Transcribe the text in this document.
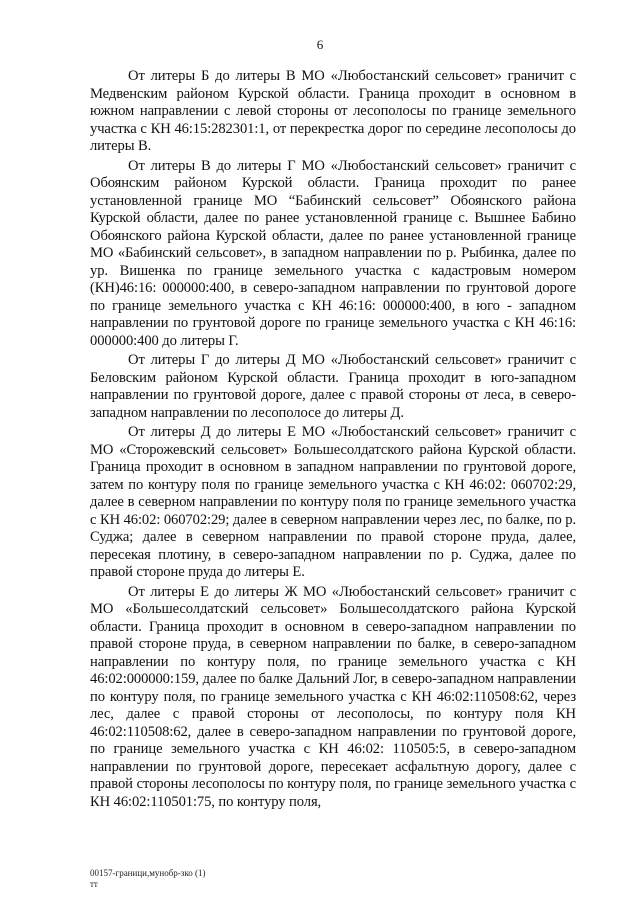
6

От литеры Б до литеры В МО «Любостанский сельсовет» граничит с Медвенским районом Курской области. Граница проходит в основном в южном направлении с левой стороны от лесополосы по границе земельного участка с КН 46:15:282301:1, от перекрестка дорог по середине лесополосы до литеры В.

От литеры В до литеры Г МО «Любостанский сельсовет» граничит с Обоянским районом Курской области. Граница проходит по ранее установленной границе МО “Бабинский сельсовет” Обоянского района Курской области, далее по ранее установленной границе с. Вышнее Бабино Обоянского района Курской области, далее по ранее установленной границе МО «Бабинский сельсовет», в западном направлении по р. Рыбинка, далее по ур. Вишенка по границе земельного участка с кадастровым номером (КН)46:16: 000000:400, в северо-западном направлении по грунтовой дороге по границе земельного участка с КН 46:16: 000000:400, в юго - западном направлении по грунтовой дороге по границе земельного участка с КН 46:16: 000000:400 до литеры Г.

От литеры Г до литеры Д МО «Любостанский сельсовет» граничит с Беловским районом Курской области. Граница проходит в юго-западном направлении по грунтовой дороге, далее с правой стороны от леса, в северо-западном направлении по лесополосе до литеры Д.

От литеры Д до литеры Е МО «Любостанский сельсовет» граничит с МО «Сторожевский сельсовет» Большесолдатского района Курской области. Граница проходит в основном в западном направлении по грунтовой дороге, затем по контуру поля по границе земельного участка с КН 46:02: 060702:29, далее в северном направлении по контуру поля по границе земельного участка с КН 46:02: 060702:29; далее в северном направлении через лес, по балке, по р. Суджа; далее в северном направлении по правой стороне пруда, далее, пересекая плотину, в северо-западном направлении по р. Суджа, далее по правой стороне пруда до литеры Е.

От литеры Е до литеры Ж МО «Любостанский сельсовет» граничит с МО «Большесолдатский сельсовет» Большесолдатского района Курской области. Граница проходит в основном в северо-западном направлении по правой стороне пруда, в северном направлении по балке, в северо-западном направлении по контуру поля, по границе земельного участка с КН 46:02:000000:159, далее по балке Дальний Лог, в северо-западном направлении по контуру поля, по границе земельного участка с КН 46:02:110508:62, через лес, далее с правой стороны от лесополосы, по контуру поля КН 46:02:110508:62, далее в северо-западном направлении по грунтовой дороге, по границе земельного участка с КН 46:02: 110505:5, в северо-западном направлении по грунтовой дороге, пересекает асфальтную дорогу, далее с правой стороны лесополосы по контуру поля, по границе земельного участка с КН 46:02:110501:75, по контуру поля,

00157-граници,мунобр-зко (1)
тт
